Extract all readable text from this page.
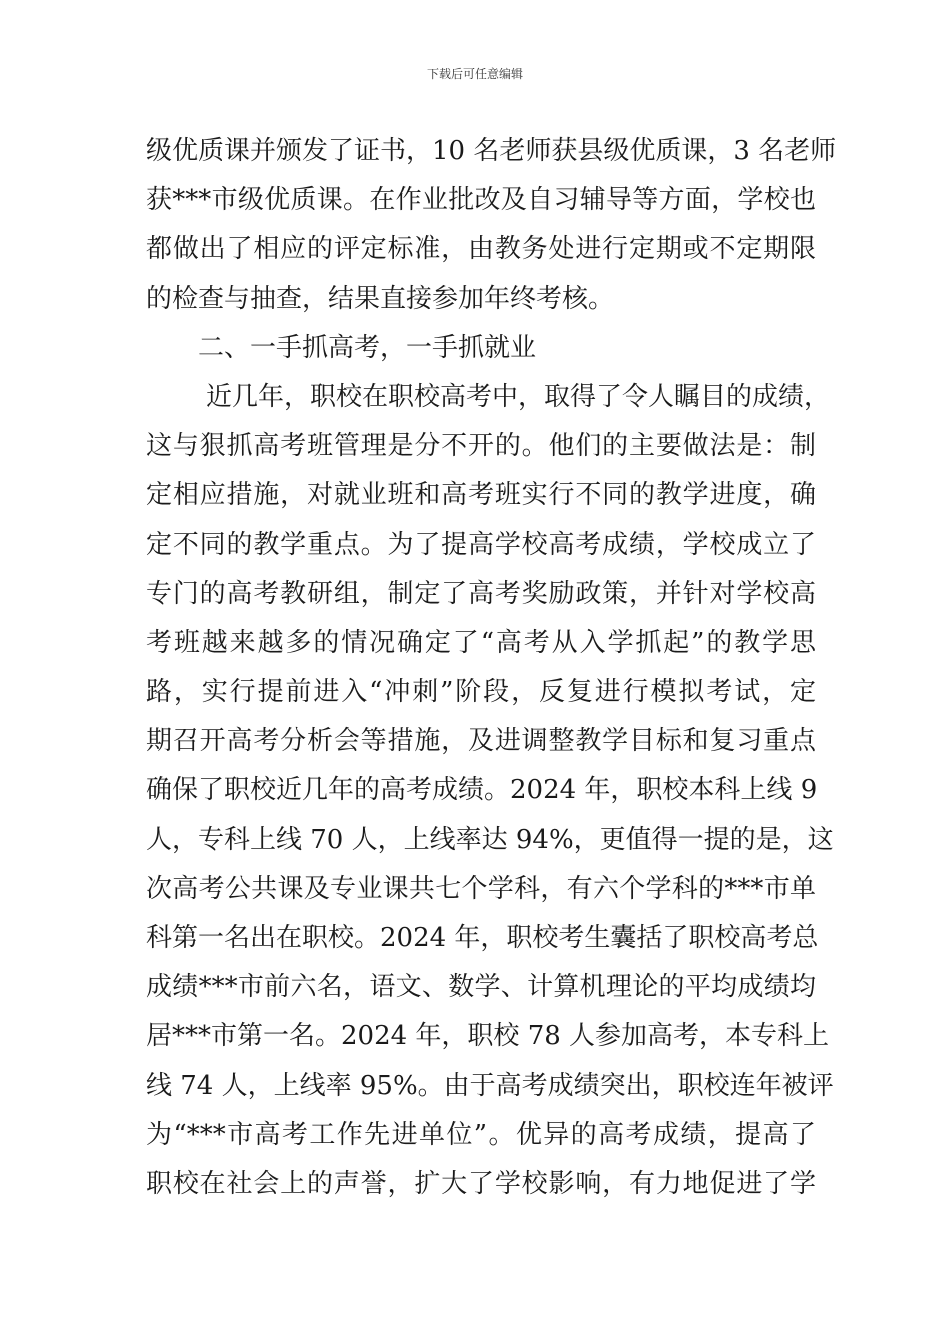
下载后可任意编辑
级优质课并颁发了证书，10 名老师获县级优质课，3 名老师
获***市级优质课。在作业批改及自习辅导等方面，学校也
都做出了相应的评定标准，由教务处进行定期或不定期限
的检查与抽查，结果直接参加年终考核。
二、一手抓高考，一手抓就业
近几年，职校在职校高考中，取得了令人瞩目的成绩，
这与狠抓高考班管理是分不开的。他们的主要做法是：制
定相应措施，对就业班和高考班实行不同的教学进度，确
定不同的教学重点。为了提高学校高考成绩，学校成立了
专门的高考教研组，制定了高考奖励政策，并针对学校高
考班越来越多的情况确定了“高考从入学抓起”的教学思
路，实行提前进入“冲刺”阶段，反复进行模拟考试，定
期召开高考分析会等措施，及进调整教学目标和复习重点
确保了职校近几年的高考成绩。2024 年，职校本科上线 9
人，专科上线 70 人，上线率达 94%，更值得一提的是，这
次高考公共课及专业课共七个学科，有六个学科的***市单
科第一名出在职校。2024 年，职校考生囊括了职校高考总
成绩***市前六名，语文、数学、计算机理论的平均成绩均
居***市第一名。2024 年，职校 78 人参加高考，本专科上
线 74 人，上线率 95%。由于高考成绩突出，职校连年被评
为“***市高考工作先进单位”。优异的高考成绩，提高了
职校在社会上的声誉，扩大了学校影响，有力地促进了学
